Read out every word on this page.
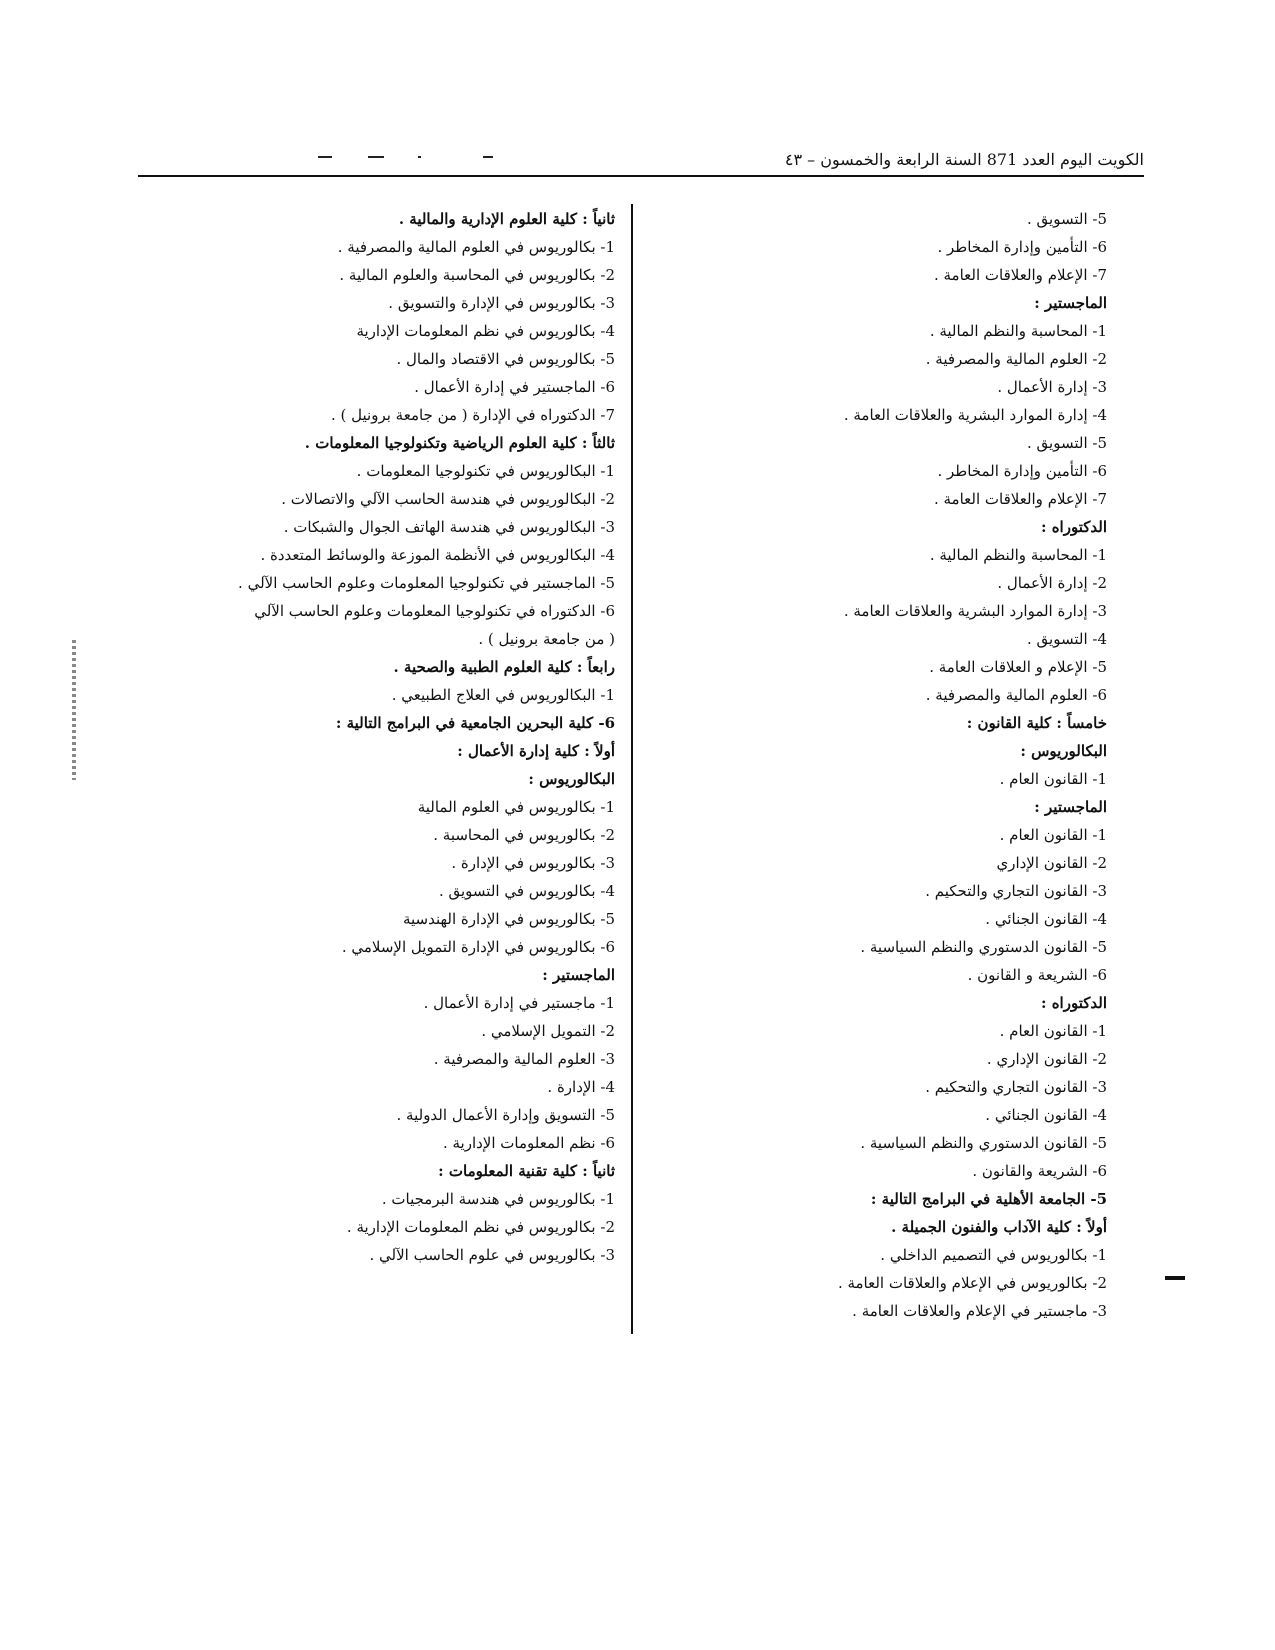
الكويت اليوم العدد 871 السنة الرابعة والخمسون – ٤٣
5- التسويق .
6- التأمين وإدارة المخاطر .
7- الإعلام والعلاقات العامة .
الماجستير :
1- المحاسبة والنظم المالية .
2- العلوم المالية والمصرفية .
3- إدارة الأعمال .
4- إدارة الموارد البشرية والعلاقات العامة .
5- التسويق .
6- التأمين وإدارة المخاطر .
7- الإعلام والعلاقات العامة .
الدكتوراه :
1- المحاسبة والنظم المالية .
2- إدارة الأعمال .
3- إدارة الموارد البشرية والعلاقات العامة .
4- التسويق .
5- الإعلام و العلاقات العامة .
6- العلوم المالية والمصرفية .
خامساً : كلية القانون :
البكالوريوس :
1- القانون العام .
الماجستير :
1- القانون العام .
2- القانون الإداري
3- القانون التجاري والتحكيم .
4- القانون الجنائي .
5- القانون الدستوري والنظم السياسية .
6- الشريعة و القانون .
الدكتوراه :
1- القانون العام .
2- القانون الإداري .
3- القانون التجاري والتحكيم .
4- القانون الجنائي .
5- القانون الدستوري والنظم السياسية .
6- الشريعة والقانون .
5- الجامعة الأهلية في البرامج التالية :
أولاً : كلية الآداب والفنون الجميلة .
1- بكالوريوس في التصميم الداخلي .
2- بكالوريوس في الإعلام والعلاقات العامة .
3- ماجستير في الإعلام والعلاقات العامة .
ثانياً : كلية العلوم الإدارية والمالية .
1- بكالوريوس في العلوم المالية والمصرفية .
2- بكالوريوس في المحاسبة والعلوم المالية .
3- بكالوريوس في الإدارة والتسويق .
4- بكالوريوس في نظم المعلومات الإدارية
5- بكالوريوس في الاقتصاد والمال .
6- الماجستير في إدارة الأعمال .
7- الدكتوراه في الإدارة ( من جامعة برونيل ) .
ثالثاً : كلية العلوم الرياضية وتكنولوجيا المعلومات .
1- البكالوريوس في تكنولوجيا المعلومات .
2- البكالوريوس في هندسة الحاسب الآلي والاتصالات .
3- البكالوريوس في هندسة الهاتف الجوال والشبكات .
4- البكالوريوس في الأنظمة الموزعة والوسائط المتعددة .
5- الماجستير في تكنولوجيا المعلومات وعلوم الحاسب الآلي .
6- الدكتوراه في تكنولوجيا المعلومات وعلوم الحاسب الآلي
( من جامعة برونيل ) .
رابعاً : كلية العلوم الطبية والصحية .
1- البكالوريوس في العلاج الطبيعي .
6- كلية البحرين الجامعية في البرامج التالية :
أولاً : كلية إدارة الأعمال :
البكالوريوس :
1- بكالوريوس في العلوم المالية
2- بكالوريوس في المحاسبة .
3- بكالوريوس في الإدارة .
4- بكالوريوس في التسويق .
5- بكالوريوس في الإدارة الهندسية
6- بكالوريوس في الإدارة التمويل الإسلامي .
الماجستير :
1- ماجستير في إدارة الأعمال .
2- التمويل الإسلامي .
3- العلوم المالية والمصرفية .
4- الإدارة .
5- التسويق وإدارة الأعمال الدولية .
6- نظم المعلومات الإدارية .
ثانياً : كلية تقنية المعلومات :
1- بكالوريوس في هندسة البرمجيات .
2- بكالوريوس في نظم المعلومات الإدارية .
3- بكالوريوس في علوم الحاسب الآلي .
